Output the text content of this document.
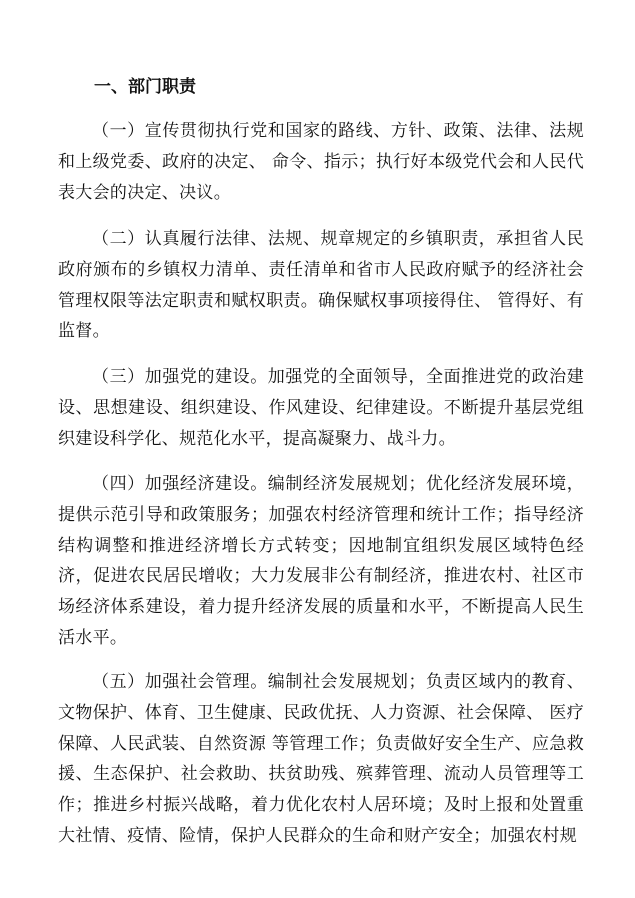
一、部门职责

（一）宣传贯彻执行党和国家的路线、方针、政策、法律、法规和上级党委、政府的决定、 命令、指示；执行好本级党代会和人民代表大会的决定、决议。

（二）认真履行法律、法规、规章规定的乡镇职责，承担省人民政府颁布的乡镇权力清单、责任清单和省市人民政府赋予的经济社会管理权限等法定职责和赋权职责。确保赋权事项接得住、 管得好、有监督。

（三）加强党的建设。加强党的全面领导，全面推进党的政治建设、思想建设、组织建设、作风建设、纪律建设。不断提升基层党组织建设科学化、规范化水平，提高凝聚力、战斗力。

（四）加强经济建设。编制经济发展规划；优化经济发展环境，提供示范引导和政策服务；加强农村经济管理和统计工作；指导经济结构调整和推进经济增长方式转变；因地制宜组织发展区域特色经济，促进农民居民增收；大力发展非公有制经济，推进农村、社区市场经济体系建设，着力提升经济发展的质量和水平，不断提高人民生活水平。

（五）加强社会管理。编制社会发展规划；负责区域内的教育、文物保护、体育、卫生健康、民政优抚、人力资源、社会保障、 医疗保障、人民武装、自然资源 等管理工作；负责做好安全生产、应急救援、生态保护、社会救助、扶贫助残、殡葬管理、流动人员管理等工作；推进乡村振兴战略，着力优化农村人居环境；及时上报和处置重大社情、疫情、险情，保护人民群众的生命和财产安全；加强农村规
